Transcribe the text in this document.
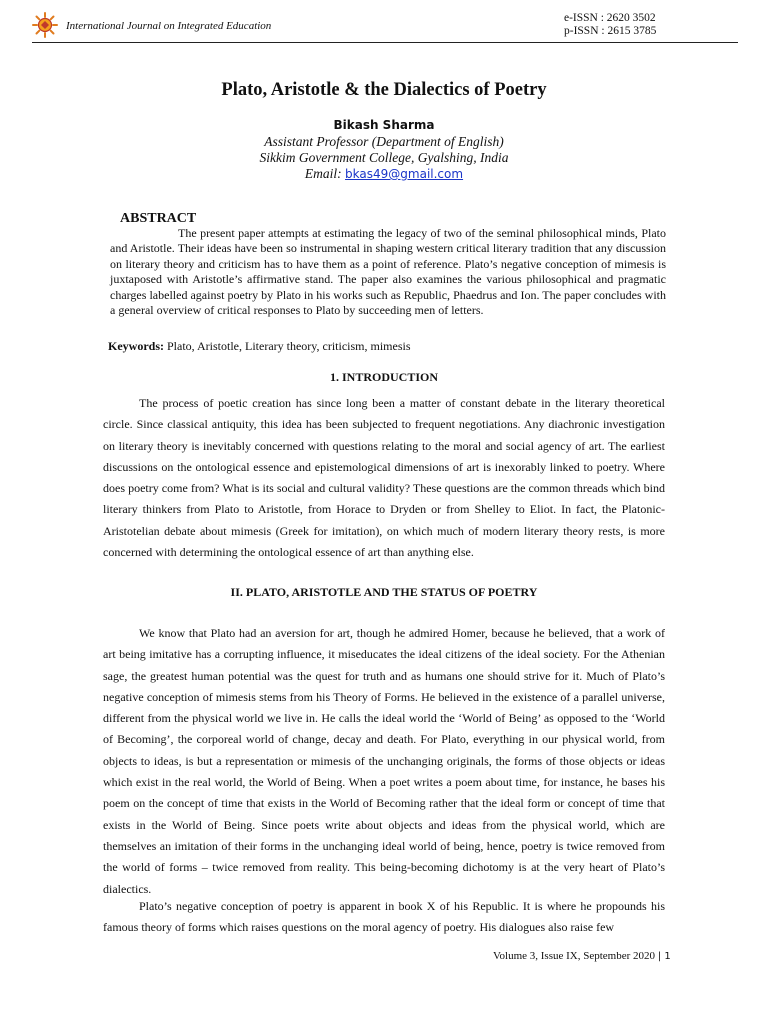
International Journal on Integrated Education
e-ISSN : 2620 3502
p-ISSN : 2615 3785
Plato, Aristotle & the Dialectics of Poetry
Bikash Sharma
Assistant Professor (Department of English)
Sikkim Government College, Gyalshing, India
Email: bkas49@gmail.com
ABSTRACT

The present paper attempts at estimating the legacy of two of the seminal philosophical minds, Plato and Aristotle. Their ideas have been so instrumental in shaping western critical literary tradition that any discussion on literary theory and criticism has to have them as a point of reference. Plato’s negative conception of mimesis is juxtaposed with Aristotle’s affirmative stand. The paper also examines the various philosophical and pragmatic charges labelled against poetry by Plato in his works such as Republic, Phaedrus and Ion. The paper concludes with a general overview of critical responses to Plato by succeeding men of letters.

Keywords: Plato, Aristotle, Literary theory, criticism, mimesis
1. INTRODUCTION

The process of poetic creation has since long been a matter of constant debate in the literary theoretical circle. Since classical antiquity, this idea has been subjected to frequent negotiations. Any diachronic investigation on literary theory is inevitably concerned with questions relating to the moral and social agency of art. The earliest discussions on the ontological essence and epistemological dimensions of art is inexorably linked to poetry. Where does poetry come from? What is its social and cultural validity? These questions are the common threads which bind literary thinkers from Plato to Aristotle, from Horace to Dryden or from Shelley to Eliot. In fact, the Platonic- Aristotelian debate about mimesis (Greek for imitation), on which much of modern literary theory rests, is more concerned with determining the ontological essence of art than anything else.

II. PLATO, ARISTOTLE AND THE STATUS OF POETRY

We know that Plato had an aversion for art, though he admired Homer, because he believed, that a work of art being imitative has a corrupting influence, it miseducates the ideal citizens of the ideal society. For the Athenian sage, the greatest human potential was the quest for truth and as humans one should strive for it. Much of Plato’s negative conception of mimesis stems from his Theory of Forms. He believed in the existence of a parallel universe, different from the physical world we live in. He calls the ideal world the ‘World of Being’ as opposed to the ‘World of Becoming’, the corporeal world of change, decay and death. For Plato, everything in our physical world, from objects to ideas, is but a representation or mimesis of the unchanging originals, the forms of those objects or ideas which exist in the real world, the World of Being. When a poet writes a poem about time, for instance, he bases his poem on the concept of time that exists in the World of Becoming rather that the ideal form or concept of time that exists in the World of Being. Since poets write about objects and ideas from the physical world, which are themselves an imitation of their forms in the unchanging ideal world of being, hence, poetry is twice removed from the world of forms – twice removed from reality. This being-becoming dichotomy is at the very heart of Plato’s dialectics.

Plato’s negative conception of poetry is apparent in book X of his Republic. It is where he propounds his famous theory of forms which raises questions on the moral agency of poetry. His dialogues also raise few

Volume 3, Issue IX, September 2020 | 1
